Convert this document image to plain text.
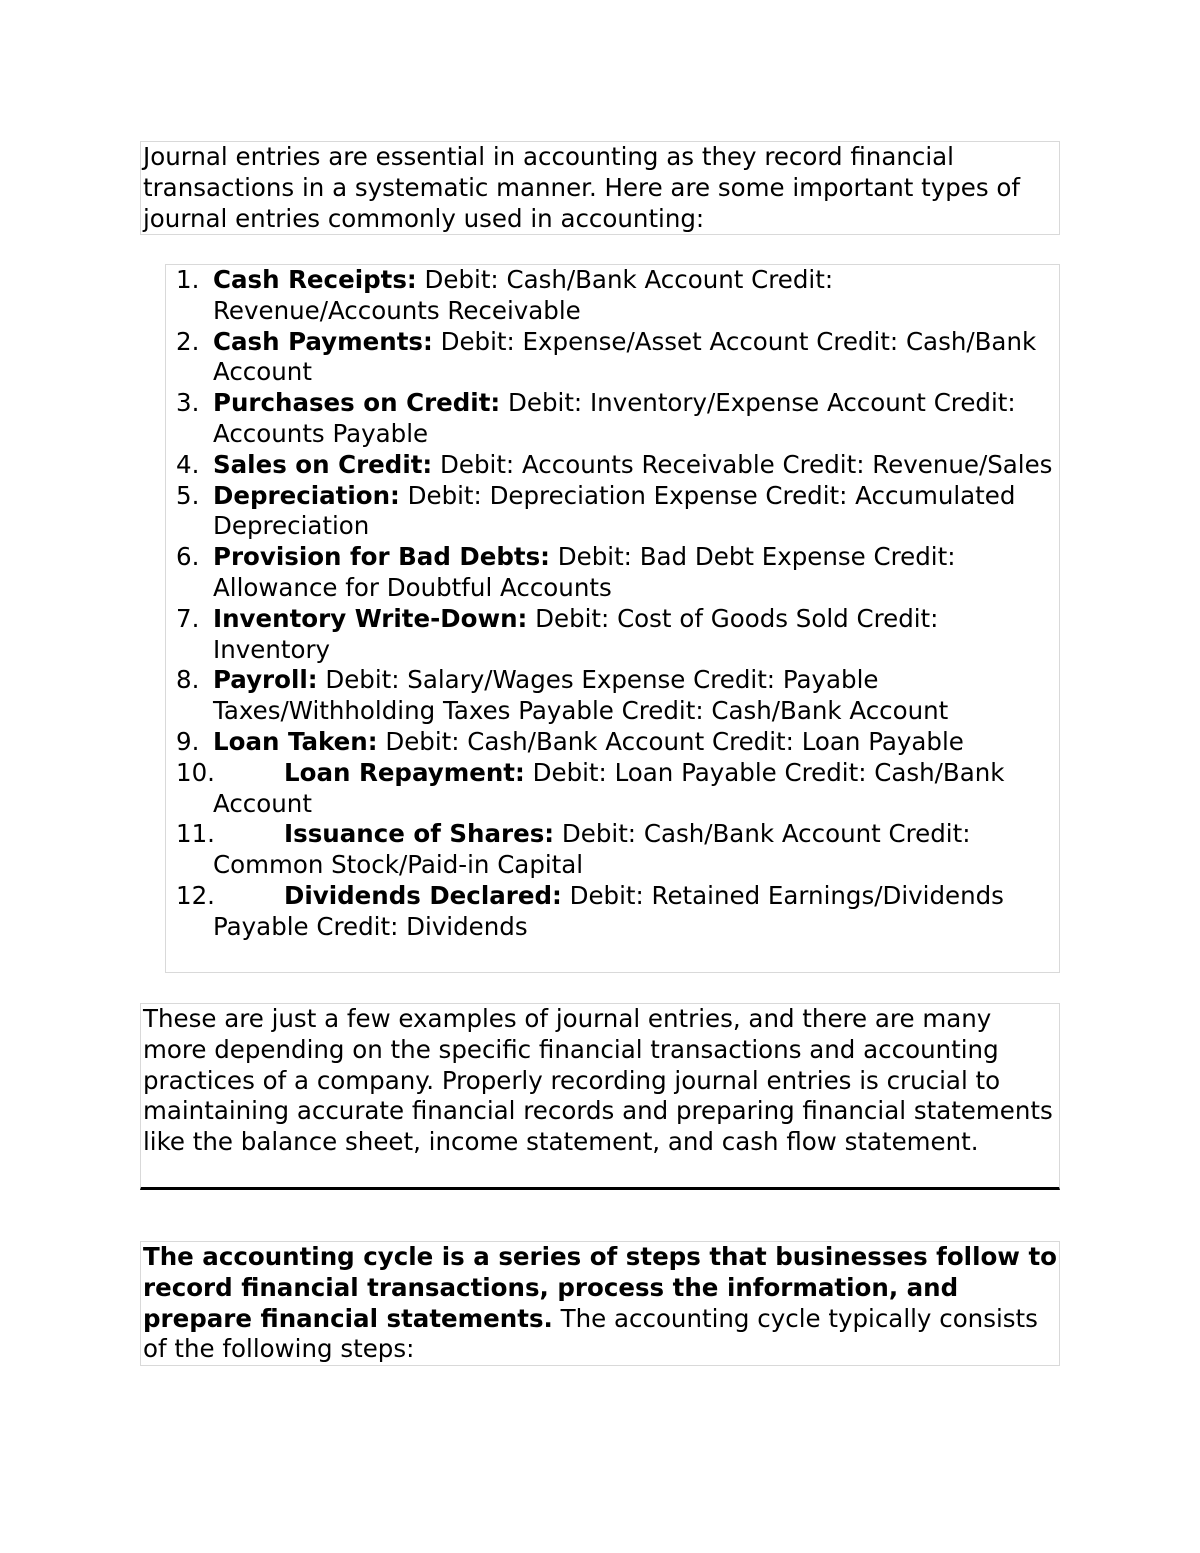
Journal entries are essential in accounting as they record financial transactions in a systematic manner. Here are some important types of journal entries commonly used in accounting:

1. Cash Receipts: Debit: Cash/Bank Account Credit: Revenue/Accounts Receivable
2. Cash Payments: Debit: Expense/Asset Account Credit: Cash/Bank Account
3. Purchases on Credit: Debit: Inventory/Expense Account Credit: Accounts Payable
4. Sales on Credit: Debit: Accounts Receivable Credit: Revenue/Sales
5. Depreciation: Debit: Depreciation Expense Credit: Accumulated Depreciation
6. Provision for Bad Debts: Debit: Bad Debt Expense Credit: Allowance for Doubtful Accounts
7. Inventory Write-Down: Debit: Cost of Goods Sold Credit: Inventory
8. Payroll: Debit: Salary/Wages Expense Credit: Payable Taxes/Withholding Taxes Payable Credit: Cash/Bank Account
9. Loan Taken: Debit: Cash/Bank Account Credit: Loan Payable
10.	Loan Repayment: Debit: Loan Payable Credit: Cash/Bank Account
11.	Issuance of Shares: Debit: Cash/Bank Account Credit: Common Stock/Paid-in Capital
12.	Dividends Declared: Debit: Retained Earnings/Dividends Payable Credit: Dividends

These are just a few examples of journal entries, and there are many more depending on the specific financial transactions and accounting practices of a company. Properly recording journal entries is crucial to maintaining accurate financial records and preparing financial statements like the balance sheet, income statement, and cash flow statement.

The accounting cycle is a series of steps that businesses follow to record financial transactions, process the information, and prepare financial statements. The accounting cycle typically consists of the following steps:
